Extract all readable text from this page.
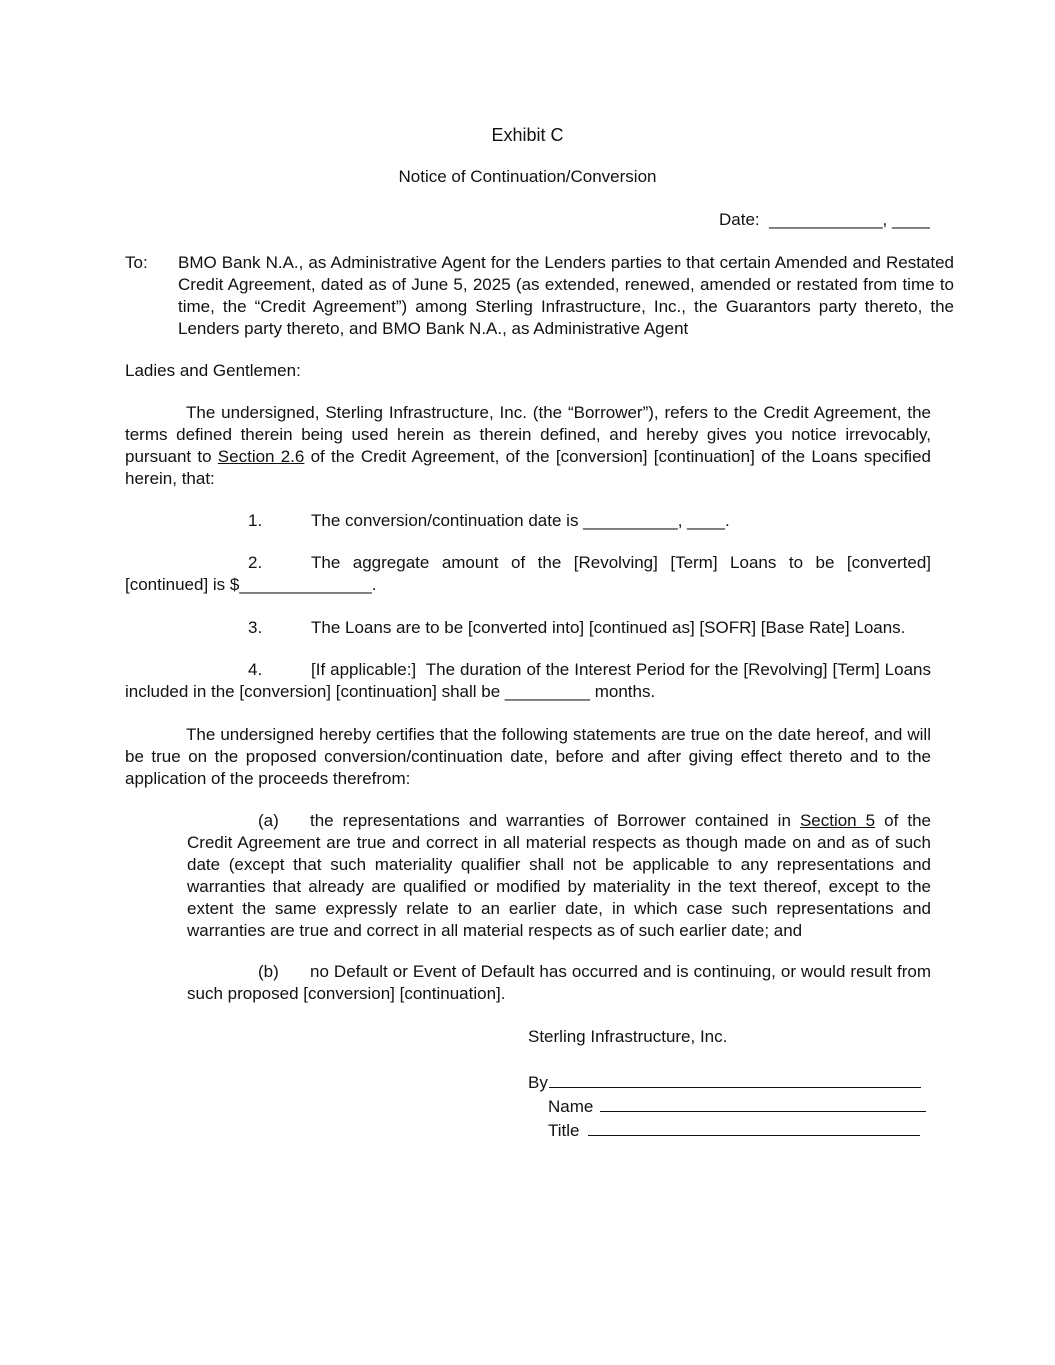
Exhibit C
Notice of Continuation/Conversion
Date:  ____________, ____
To: BMO Bank N.A., as Administrative Agent for the Lenders parties to that certain Amended and Restated Credit Agreement, dated as of June 5, 2025 (as extended, renewed, amended or restated from time to time, the “Credit Agreement”) among Sterling Infrastructure, Inc., the Guarantors party thereto, the Lenders party thereto, and BMO Bank N.A., as Administrative Agent
Ladies and Gentlemen:
The undersigned, Sterling Infrastructure, Inc. (the “Borrower”), refers to the Credit Agreement, the terms defined therein being used herein as therein defined, and hereby gives you notice irrevocably, pursuant to Section 2.6 of the Credit Agreement, of the [conversion] [continuation] of the Loans specified herein, that:
1.	The conversion/continuation date is __________, ____.
2.	The aggregate amount of the [Revolving] [Term] Loans to be [converted] [continued] is $______________.
3.	The Loans are to be [converted into] [continued as] [SOFR] [Base Rate] Loans.
4.	[If applicable:]  The duration of the Interest Period for the [Revolving] [Term] Loans included in the [conversion] [continuation] shall be _________ months.
The undersigned hereby certifies that the following statements are true on the date hereof, and will be true on the proposed conversion/continuation date, before and after giving effect thereto and to the application of the proceeds therefrom:
(a) the representations and warranties of Borrower contained in Section 5 of the Credit Agreement are true and correct in all material respects as though made on and as of such date (except that such materiality qualifier shall not be applicable to any representations and warranties that already are qualified or modified by materiality in the text thereof, except to the extent the same expressly relate to an earlier date, in which case such representations and warranties are true and correct in all material respects as of such earlier date; and
(b) no Default or Event of Default has occurred and is continuing, or would result from such proposed [conversion] [continuation].
Sterling Infrastructure, Inc.
By
Name
Title
